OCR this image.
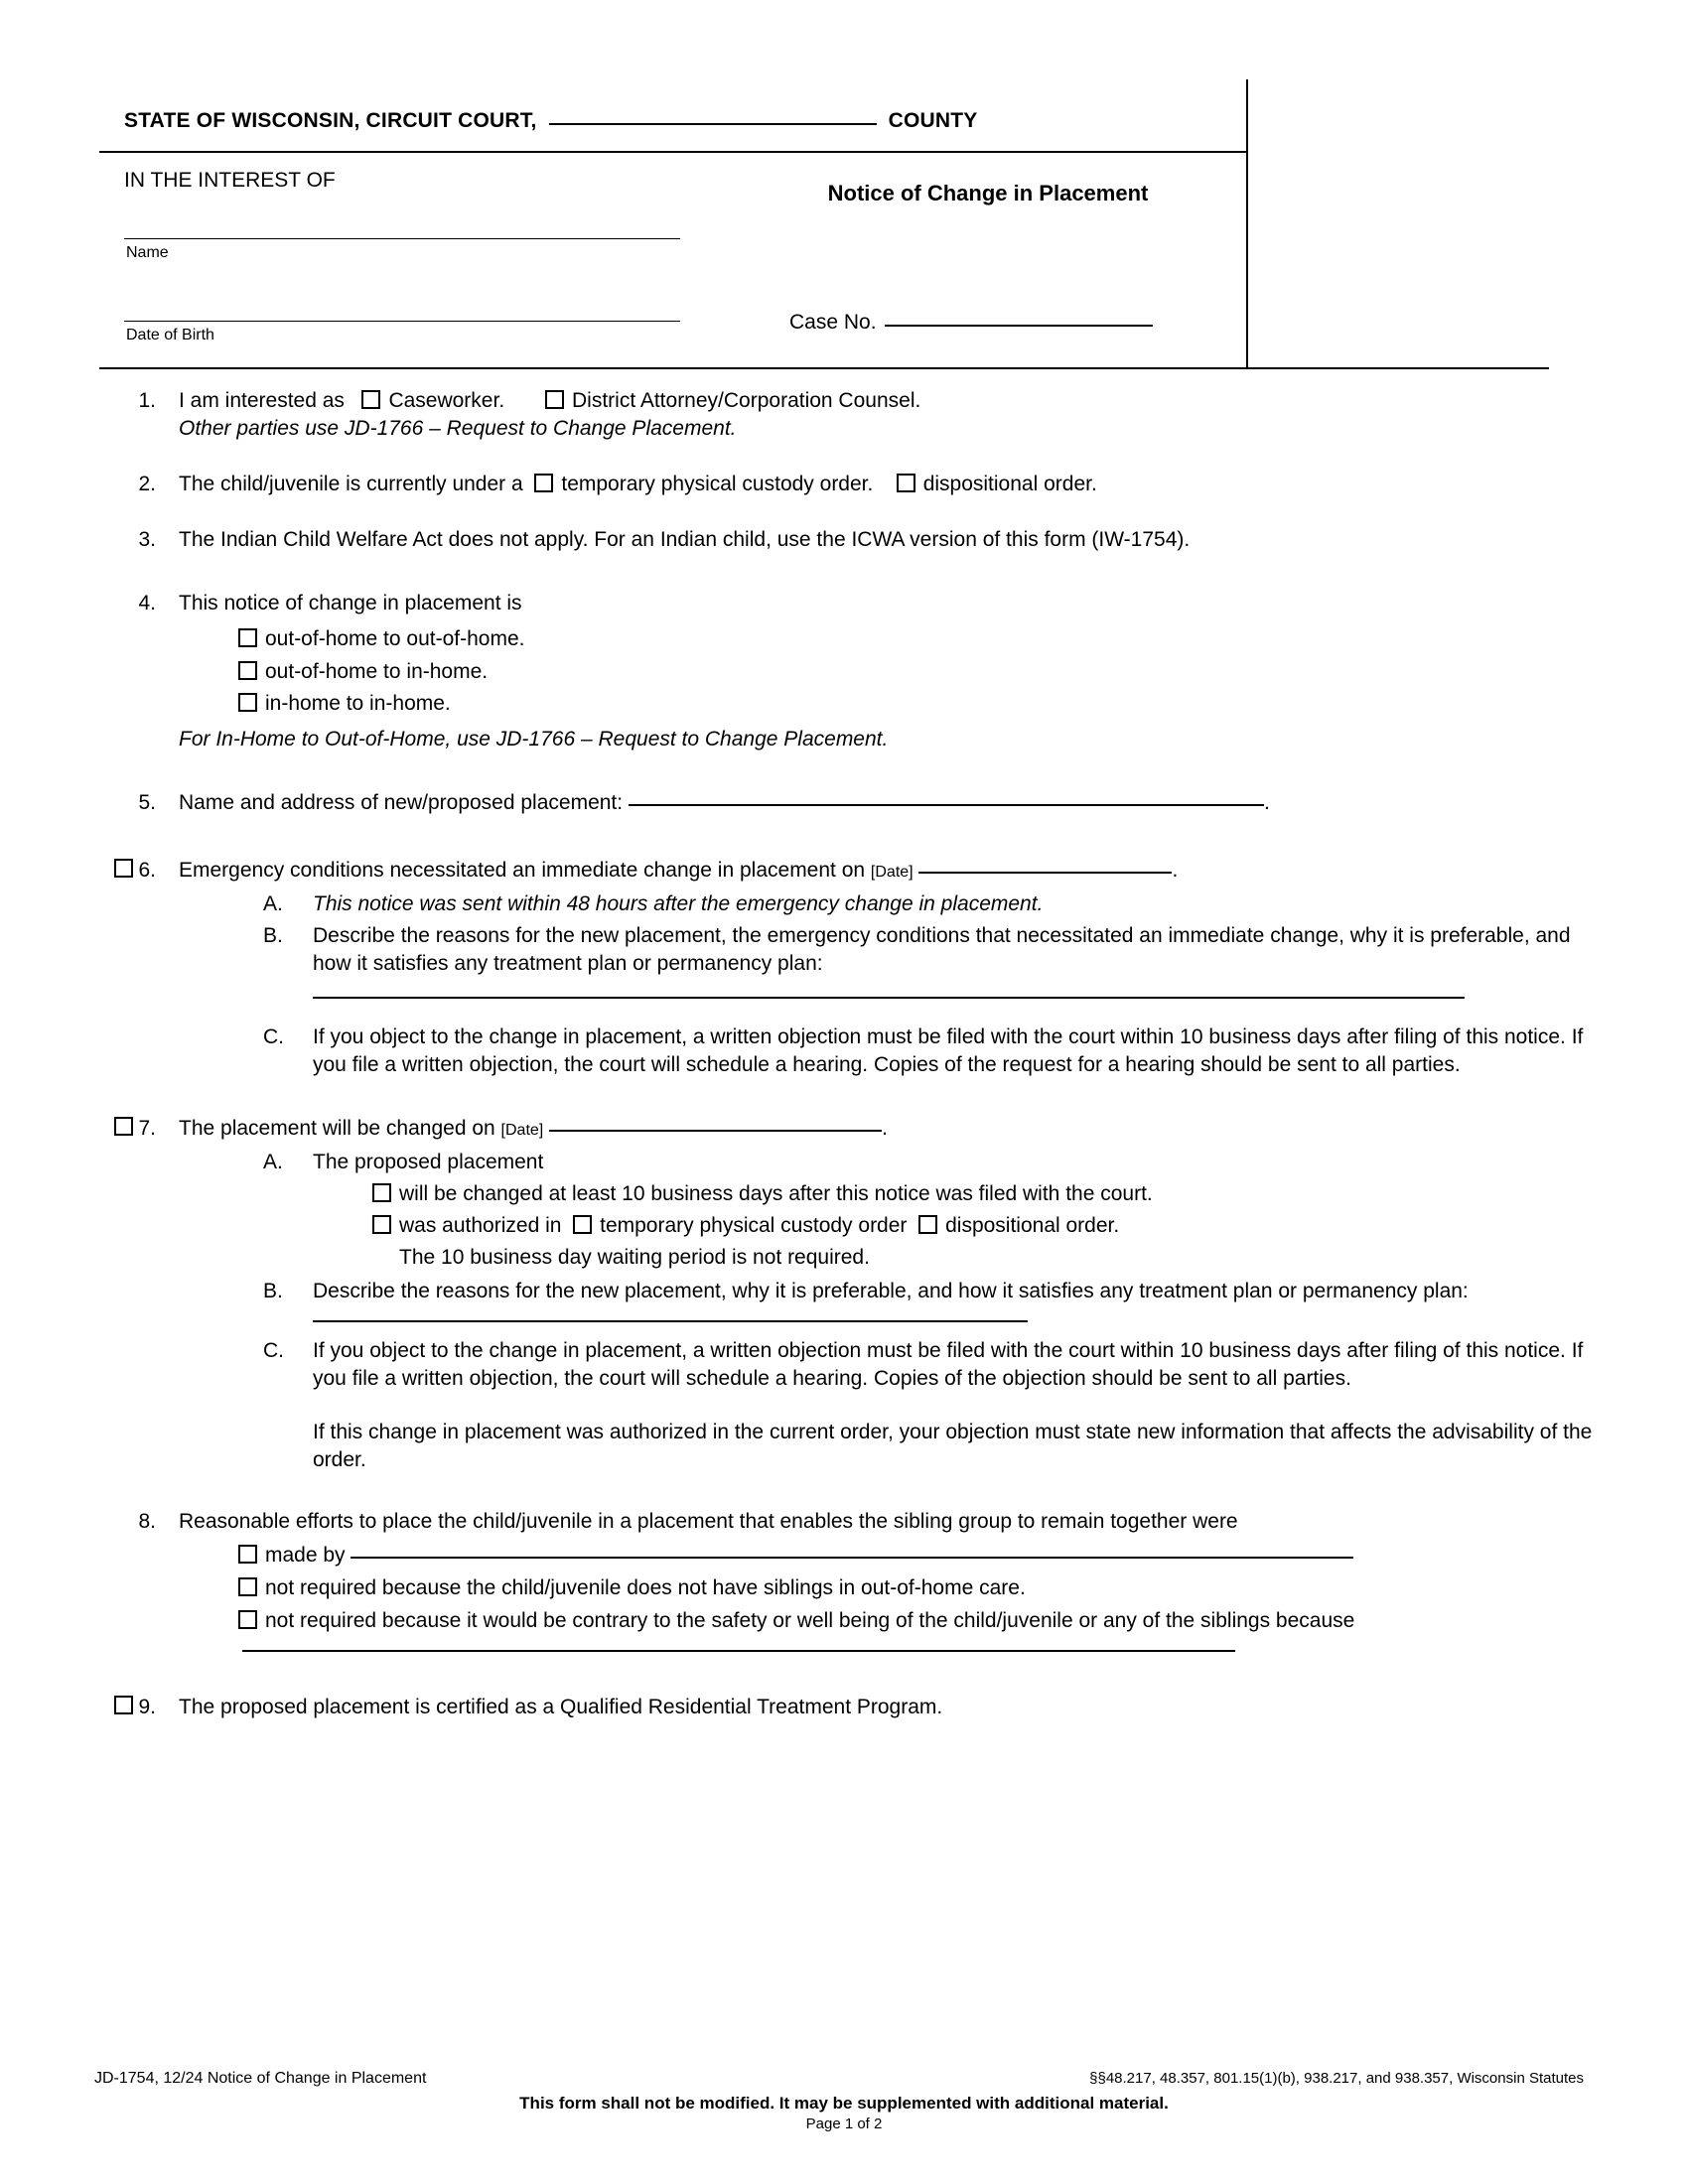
STATE OF WISCONSIN, CIRCUIT COURT,	COUNTY
IN THE INTEREST OF
Notice of Change in Placement
Name
Date of Birth
Case No.
1. I am interested as Caseworker.	District Attorney/Corporation Counsel.
Other parties use JD-1766 – Request to Change Placement.
2. The child/juvenile is currently under a temporary physical custody order. dispositional order.
3. The Indian Child Welfare Act does not apply. For an Indian child, use the ICWA version of this form (IW-1754).
4. This notice of change in placement is
out-of-home to out-of-home.
out-of-home to in-home.
in-home to in-home.
For In-Home to Out-of-Home, use JD-1766 – Request to Change Placement.
5. Name and address of new/proposed placement:	.
6. Emergency conditions necessitated an immediate change in placement on [Date]	.
A.	This notice was sent within 48 hours after the emergency change in placement.
B.	Describe the reasons for the new placement, the emergency conditions that necessitated an immediate change, why it is preferable, and how it satisfies any treatment plan or permanency plan:
C.	If you object to the change in placement, a written objection must be filed with the court within 10 business days after filing of this notice. If you file a written objection, the court will schedule a hearing. Copies of the request for a hearing should be sent to all parties.
7. The placement will be changed on [Date]	.
A.	The proposed placement
will be changed at least 10 business days after this notice was filed with the court.
was authorized in temporary physical custody order dispositional order.
The 10 business day waiting period is not required.
B.	Describe the reasons for the new placement, why it is preferable, and how it satisfies any treatment plan or permanency plan:
C.	If you object to the change in placement, a written objection must be filed with the court within 10 business days after filing of this notice. If you file a written objection, the court will schedule a hearing. Copies of the objection should be sent to all parties.
If this change in placement was authorized in the current order, your objection must state new information that affects the advisability of the order.
8. Reasonable efforts to place the child/juvenile in a placement that enables the sibling group to remain together were
made by
not required because the child/juvenile does not have siblings in out-of-home care.
not required because it would be contrary to the safety or well being of the child/juvenile or any of the siblings because
9. The proposed placement is certified as a Qualified Residential Treatment Program.
JD-1754, 12/24 Notice of Change in Placement	§§48.217, 48.357, 801.15(1)(b), 938.217, and 938.357, Wisconsin Statutes
This form shall not be modified. It may be supplemented with additional material.
Page 1 of 2
